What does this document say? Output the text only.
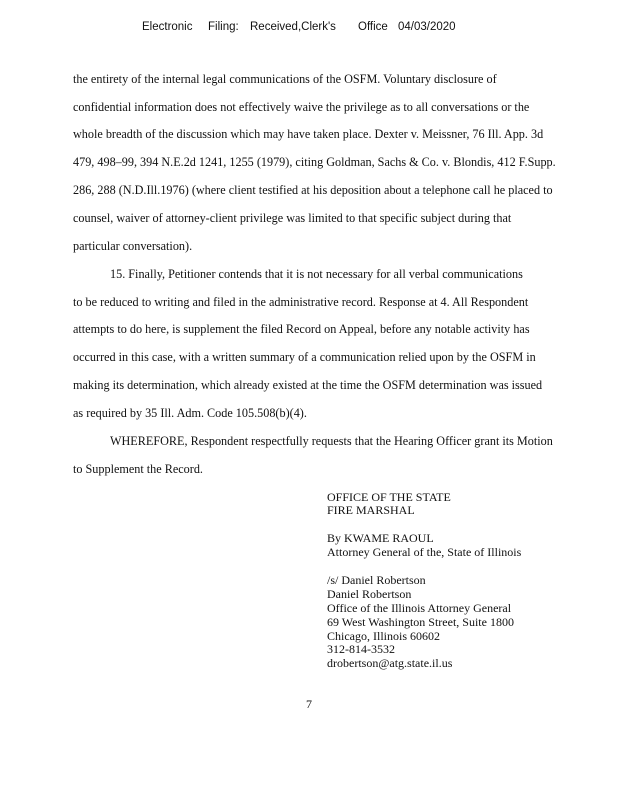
Electronic Filing: Received,Clerk's Office 04/03/2020
the entirety of the internal legal communications of the OSFM. Voluntary disclosure of
confidential information does not effectively waive the privilege as to all conversations or the
whole breadth of the discussion which may have taken place. Dexter v. Meissner, 76 Ill. App. 3d
479, 498–99, 394 N.E.2d 1241, 1255 (1979), citing Goldman, Sachs & Co. v. Blondis, 412 F.Supp.
286, 288 (N.D.Ill.1976) (where client testified at his deposition about a telephone call he placed to
counsel, waiver of attorney-client privilege was limited to that specific subject during that
particular conversation).
15. Finally, Petitioner contends that it is not necessary for all verbal communications
to be reduced to writing and filed in the administrative record. Response at 4. All Respondent
attempts to do here, is supplement the filed Record on Appeal, before any notable activity has
occurred in this case, with a written summary of a communication relied upon by the OSFM in
making its determination, which already existed at the time the OSFM determination was issued
as required by 35 Ill. Adm. Code 105.508(b)(4).
WHEREFORE, Respondent respectfully requests that the Hearing Officer grant its Motion
to Supplement the Record.
OFFICE OF THE STATE
FIRE MARSHAL
By KWAME RAOUL
Attorney General of the, State of Illinois
/s/ Daniel Robertson
Daniel Robertson
Office of the Illinois Attorney General
69 West Washington Street, Suite 1800
Chicago, Illinois 60602
312-814-3532
drobertson@atg.state.il.us
7
